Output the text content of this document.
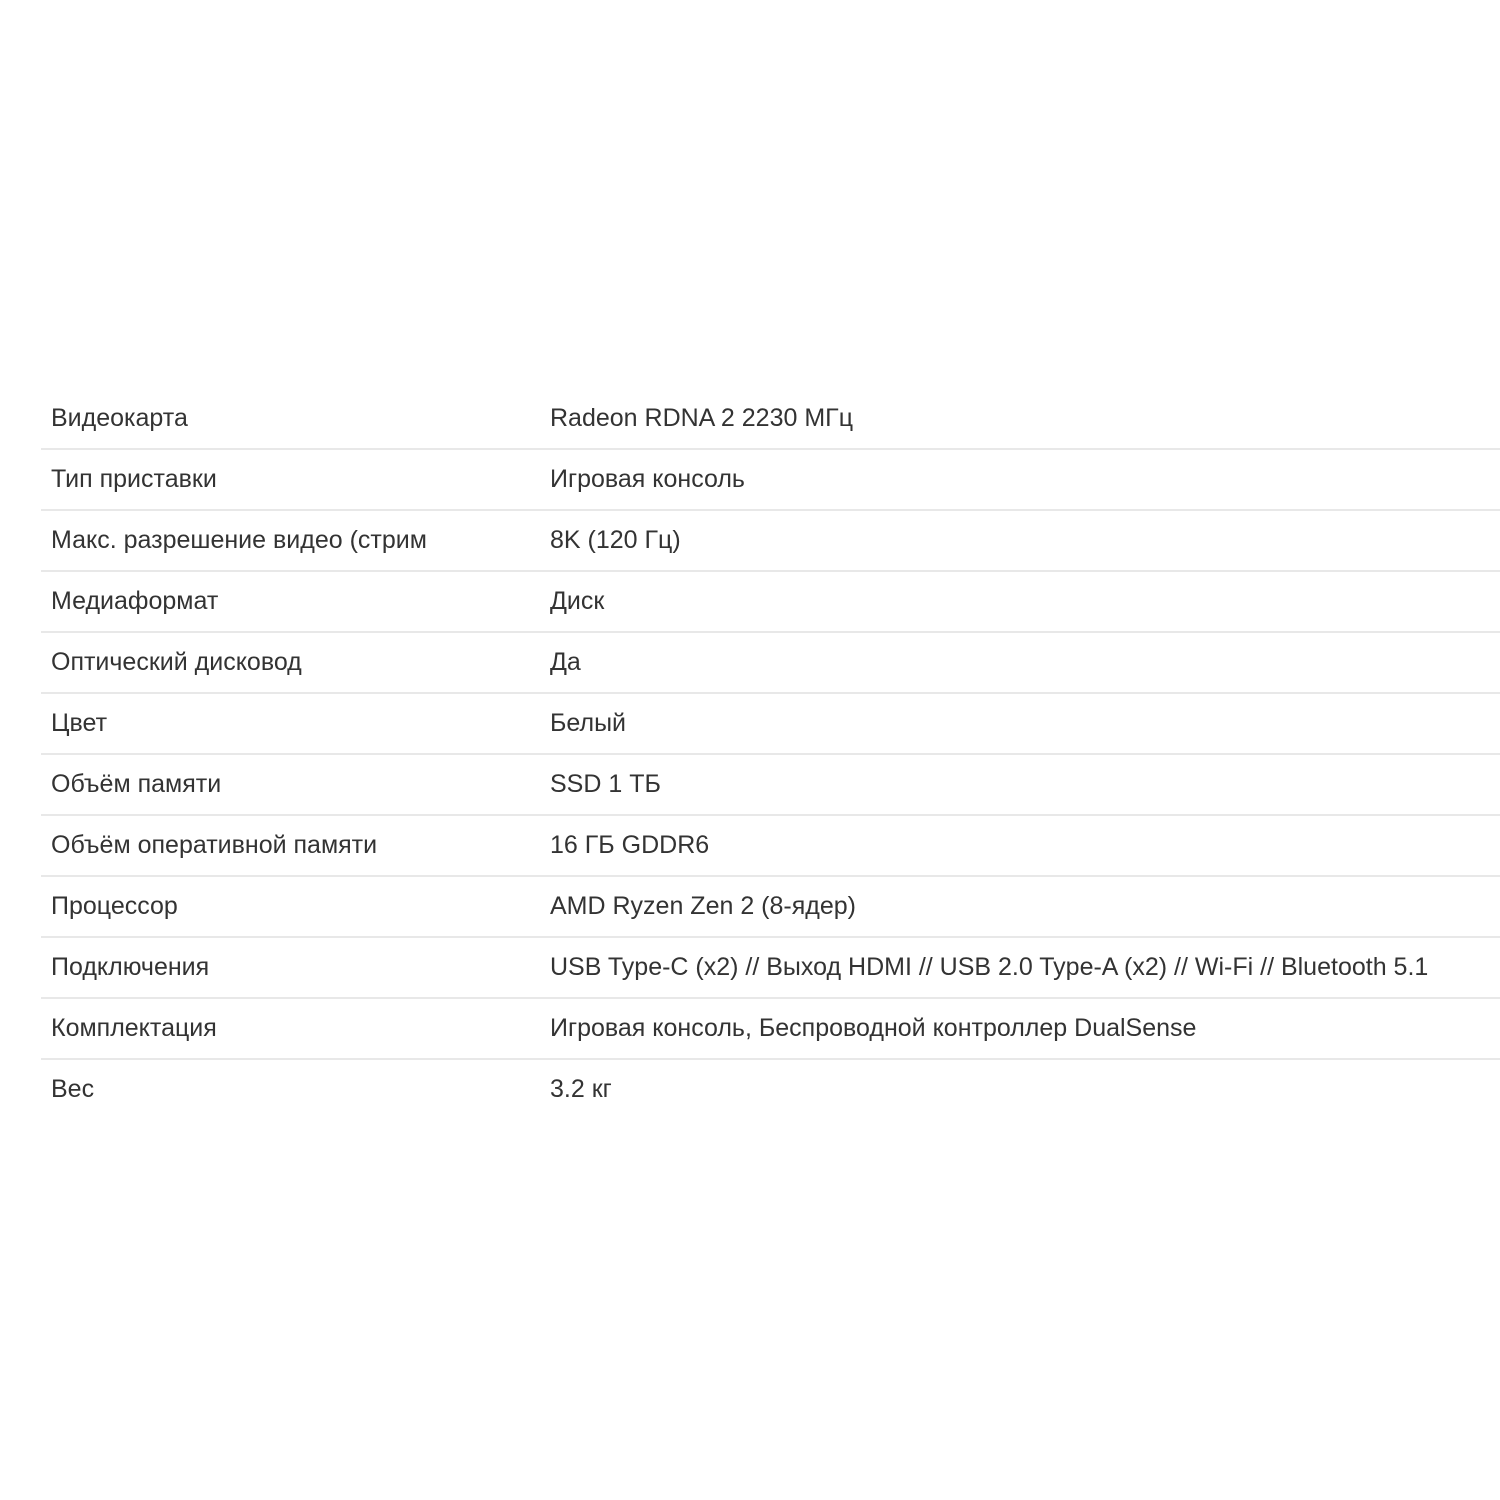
Видеокарта	Radeon RDNA 2 2230 МГц
Тип приставки	Игровая консоль
Макс. разрешение видео (стрим	8K (120 Гц)
Медиаформат	Диск
Оптический дисковод	Да
Цвет	Белый
Объём памяти	SSD 1 ТБ
Объём оперативной памяти	16 ГБ GDDR6
Процессор	AMD Ryzen Zen 2 (8-ядер)
Подключения	USB Type-C (x2) // Выход HDMI // USB 2.0 Type-A (x2) // Wi-Fi // Bluetooth 5.1
Комплектация	Игровая консоль, Беспроводной контроллер DualSense
Вес	3.2 кг
